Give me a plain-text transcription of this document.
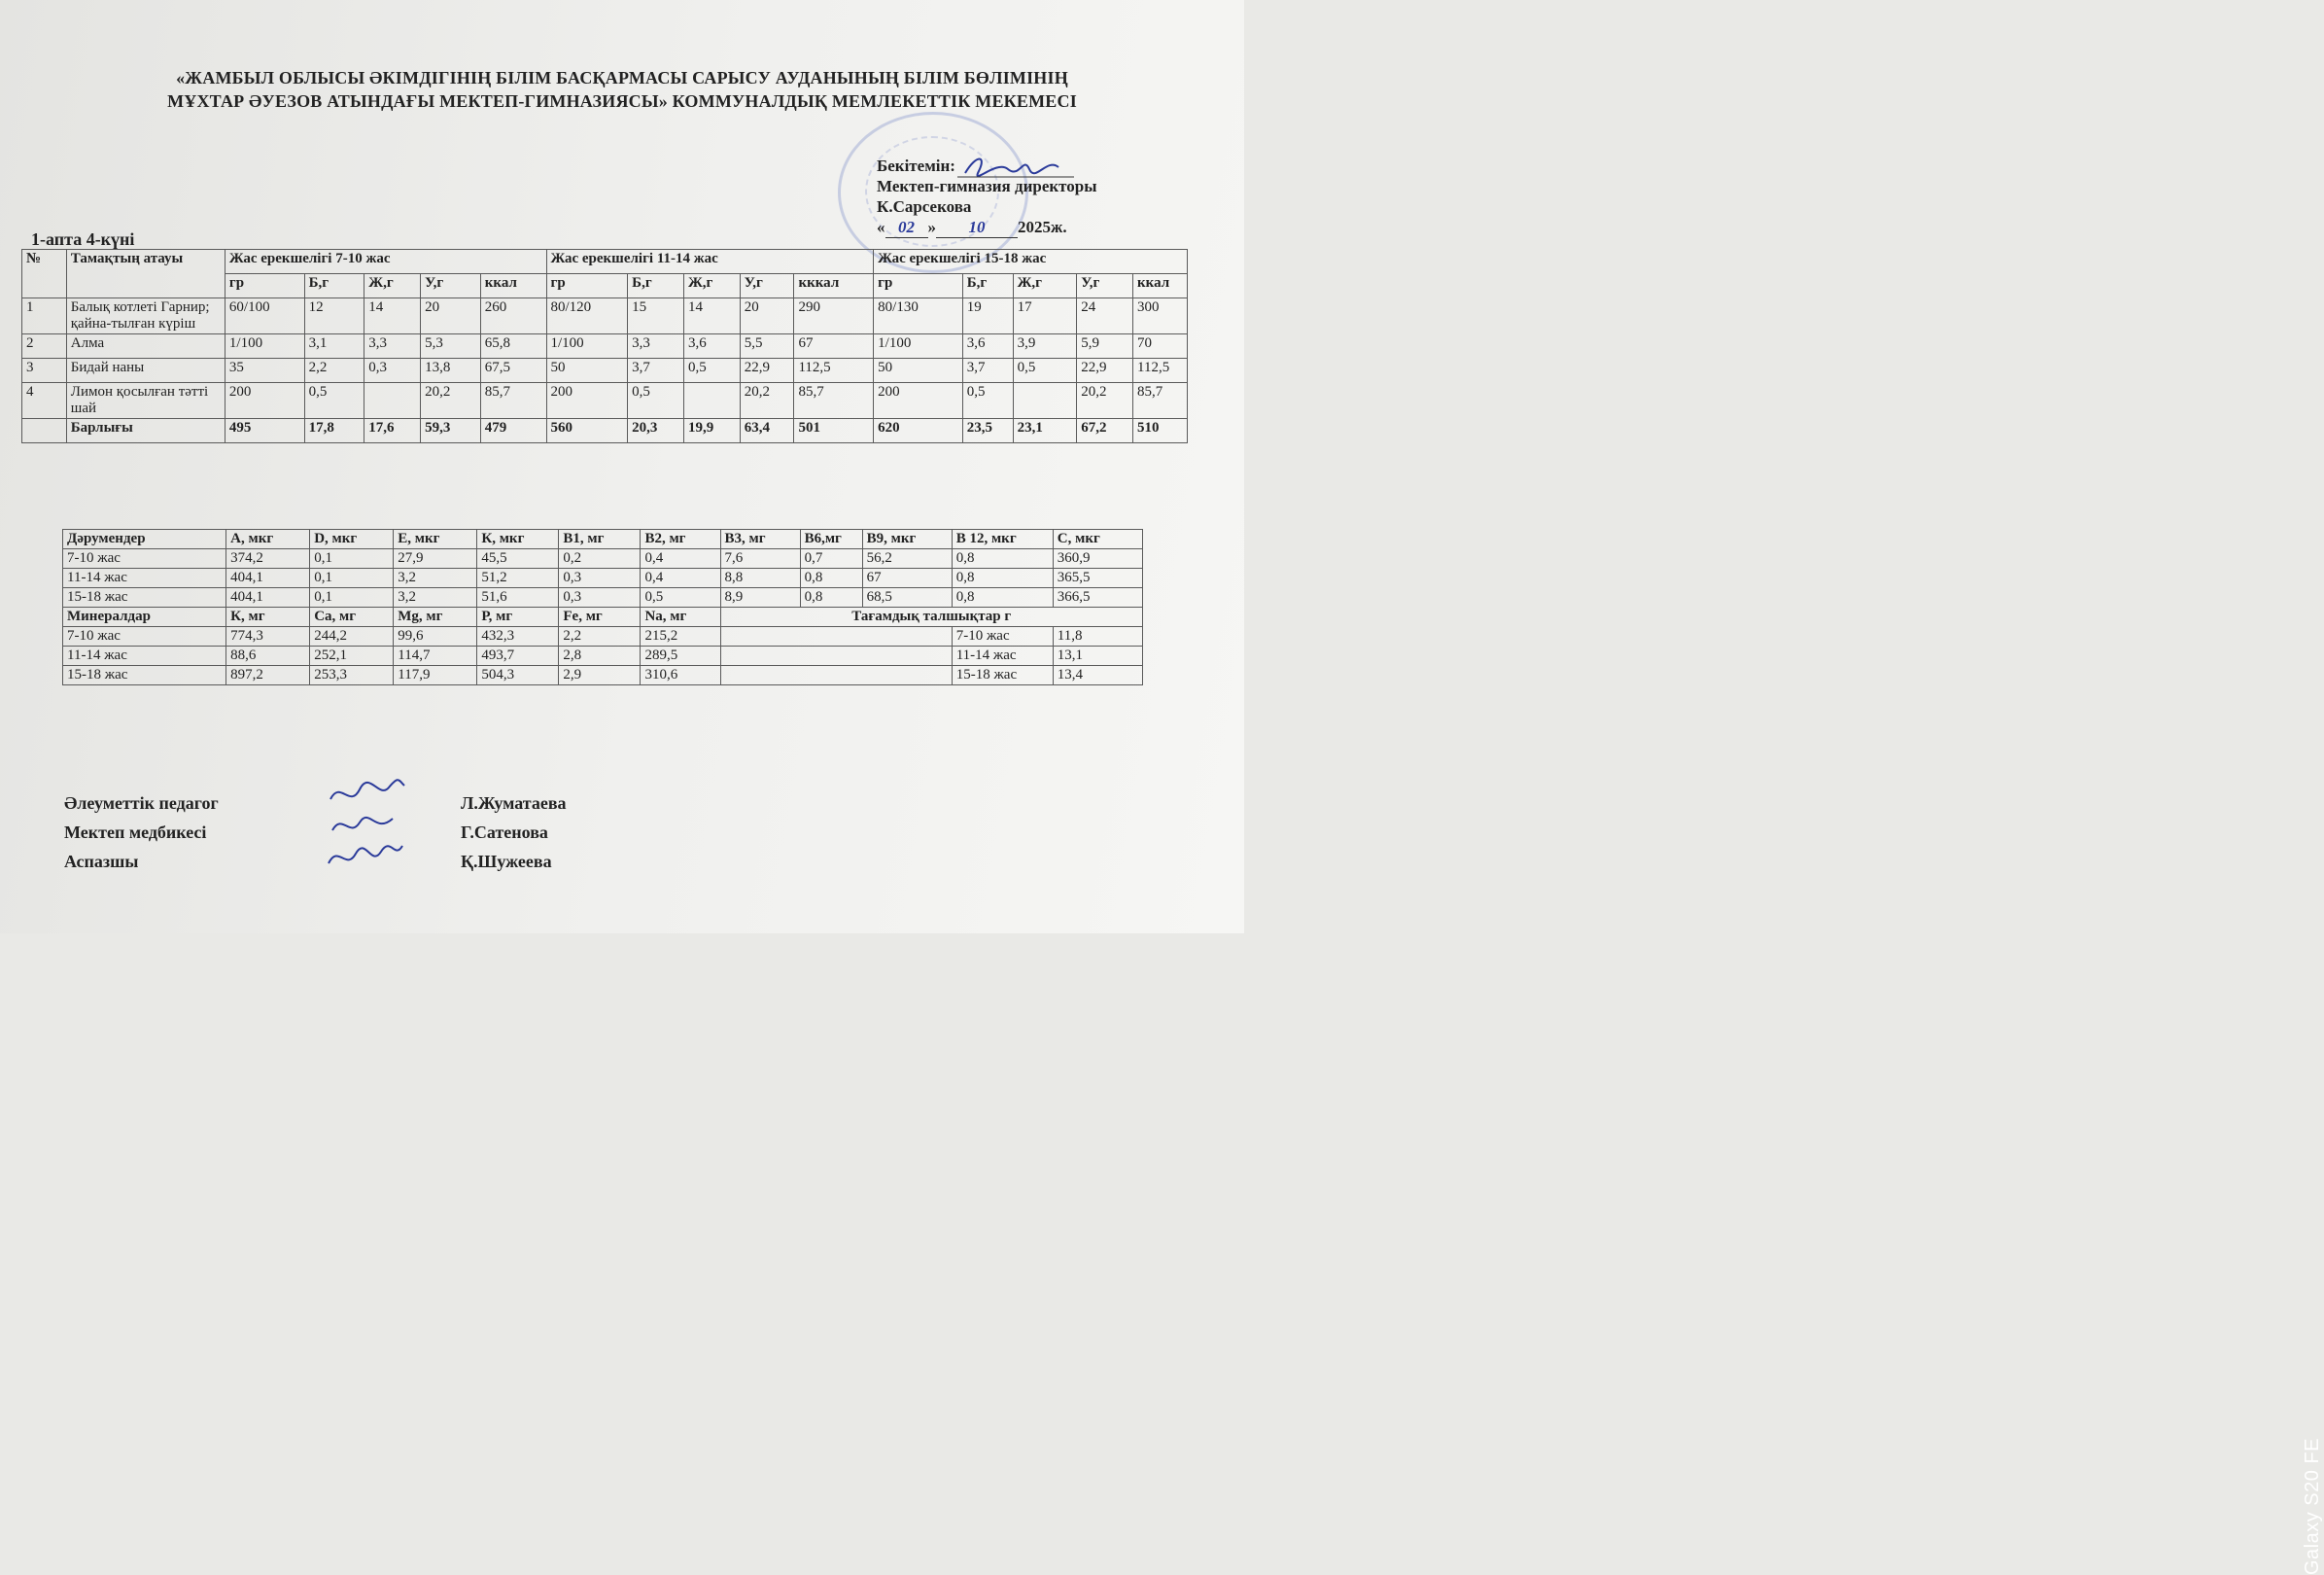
«ЖАМБЫЛ ОБЛЫСЫ ӘКІМДІГІНІҢ БІЛІМ БАСҚАРМАСЫ САРЫСУ АУДАНЫНЫҢ БІЛІМ БӨЛІМІНІҢ
МҰХТАР ӘУЕЗОВ АТЫНДАҒЫ МЕКТЕП-ГИМНАЗИЯСЫ» КОММУНАЛДЫҚ МЕМЛЕКЕТТІК МЕКЕМЕСІ
Бекітемін:
Мектеп-гимназия директоры
К.Сарсекова
« 02 » 10 2025ж.
1-апта 4-күні
№	Тамақтың атауы	Жас ерекшелігі 7-10 жас					Жас ерекшелігі 11-14 жас					Жас ерекшелігі 15-18 жас				
		гр	Б,г	Ж,г	У,г	ккал	гр	Б,г	Ж,г	У,г	кккал	гр	Б,г	Ж,г	У,г	ккал
1	Балық котлеті Гарнир; қайна-тылған күріш	60/100	12	14	20	260	80/120	15	14	20	290	80/130	19	17	24	300
2	Алма	1/100	3,1	3,3	5,3	65,8	1/100	3,3	3,6	5,5	67	1/100	3,6	3,9	5,9	70
3	Бидай наны	35	2,2	0,3	13,8	67,5	50	3,7	0,5	22,9	112,5	50	3,7	0,5	22,9	112,5
4	Лимон қосылған тәтті шай	200	0,5		20,2	85,7	200	0,5		20,2	85,7	200	0,5		20,2	85,7
	Барлығы	495	17,8	17,6	59,3	479	560	20,3	19,9	63,4	501	620	23,5	23,1	67,2	510
Дәрумендер	A, мкг	D, мкг	E, мкг	К, мкг	В1, мг	В2, мг	В3, мг	В6,мг	В9, мкг	В 12, мкг	С, мкг
7-10 жас	374,2	0,1	27,9	45,5	0,2	0,4	7,6	0,7	56,2	0,8	360,9
11-14 жас	404,1	0,1	3,2	51,2	0,3	0,4	8,8	0,8	67	0,8	365,5
15-18 жас	404,1	0,1	3,2	51,6	0,3	0,5	8,9	0,8	68,5	0,8	366,5
Минералдар	К, мг	Са, мг	Mg, мг	Р, мг	Fe, мг	Na, мг	Тағамдық талшықтар г				
7-10 жас	774,3	244,2	99,6	432,3	2,2	215,2				7-10 жас	11,8
11-14 жас	88,6	252,1	114,7	493,7	2,8	289,5				11-14 жас	13,1
15-18 жас	897,2	253,3	117,9	504,3	2,9	310,6				15-18 жас	13,4
Әлеуметтік педагог	Л.Жуматаева
Мектеп медбикесі	Г.Сатенова
Аспазшы	Қ.Шужеева
Galaxy S20 FE
